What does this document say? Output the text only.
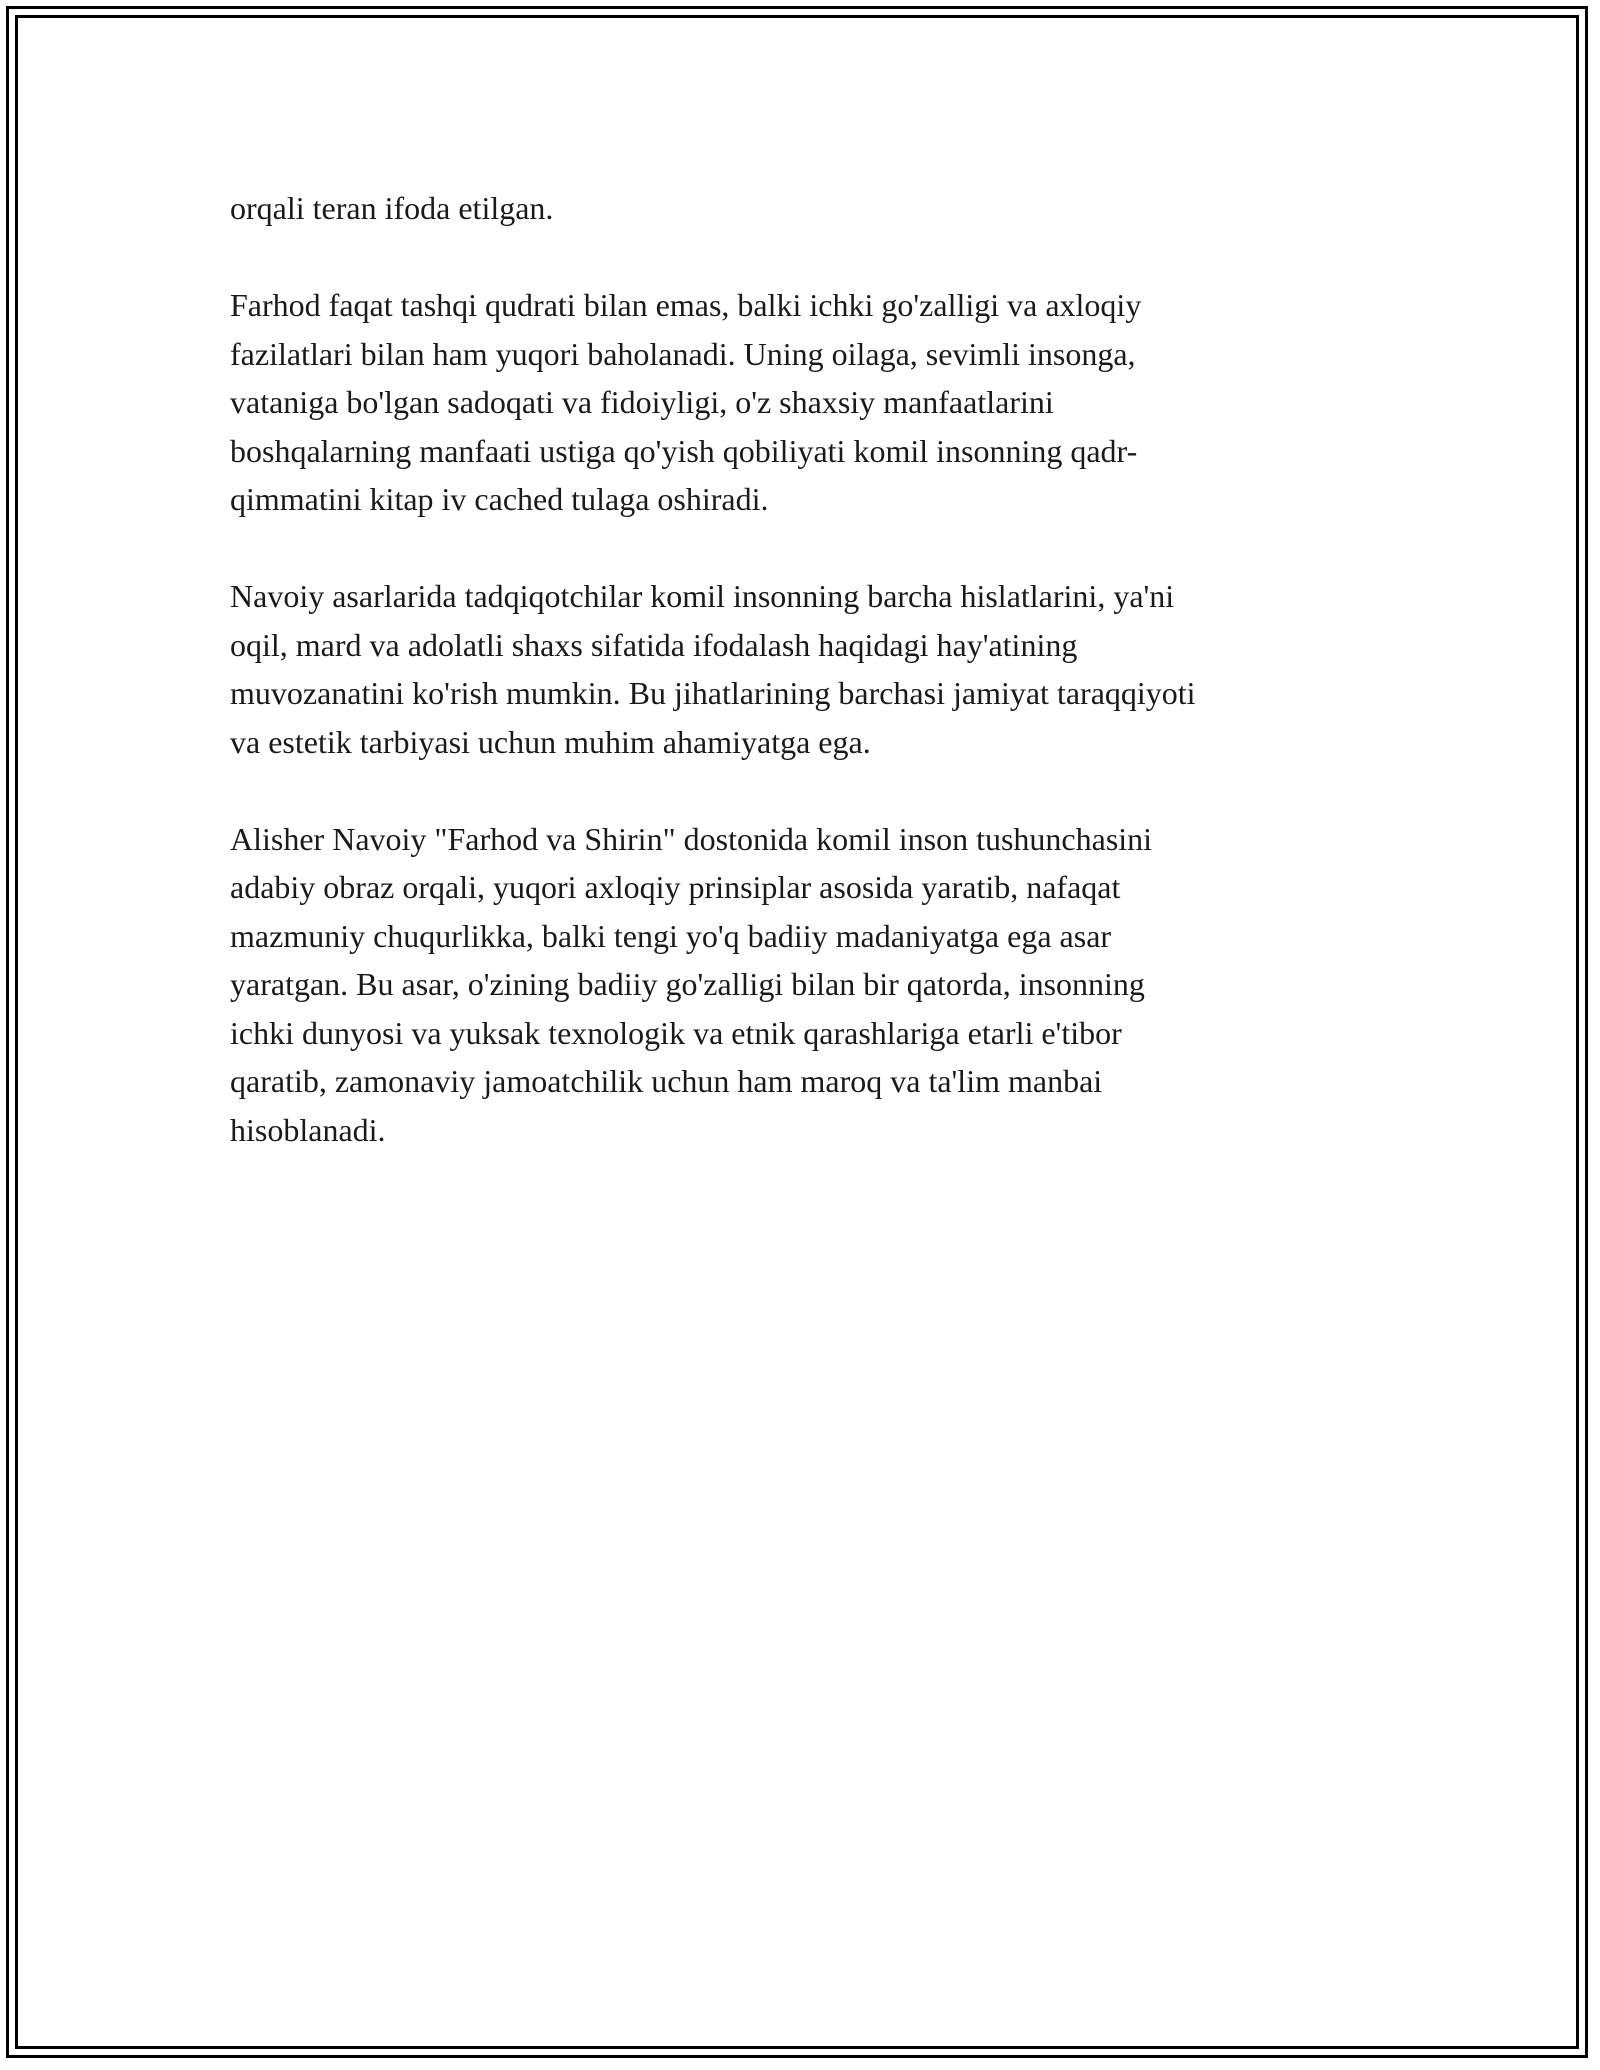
orqali teran ifoda etilgan.

Farhod faqat tashqi qudrati bilan emas, balki ichki go'zalligi va axloqiy
fazilatlari bilan ham yuqori baholanadi. Uning oilaga, sevimli insonga,
vataniga bo'lgan sadoqati va fidoiyligi, o'z shaxsiy manfaatlarini
boshqalarning manfaati ustiga qo'yish qobiliyati komil insonning qadr-
qimmatini kitap iv cached tulaga oshiradi.

Navoiy asarlarida tadqiqotchilar komil insonning barcha hislatlarini, ya'ni
oqil, mard va adolatli shaxs sifatida ifodalash haqidagi hay'atining
muvozanatini ko'rish mumkin. Bu jihatlarining barchasi jamiyat taraqqiyoti
va estetik tarbiyasi uchun muhim ahamiyatga ega.

Alisher Navoiy "Farhod va Shirin" dostonida komil inson tushunchasini
adabiy obraz orqali, yuqori axloqiy prinsiplar asosida yaratib, nafaqat
mazmuniy chuqurlikka, balki tengi yo'q badiiy madaniyatga ega asar
yaratgan. Bu asar, o'zining badiiy go'zalligi bilan bir qatorda, insonning
ichki dunyosi va yuksak texnologik va etnik qarashlariga etarli e'tibor
qaratib, zamonaviy jamoatchilik uchun ham maroq va ta'lim manbai
hisoblanadi.
